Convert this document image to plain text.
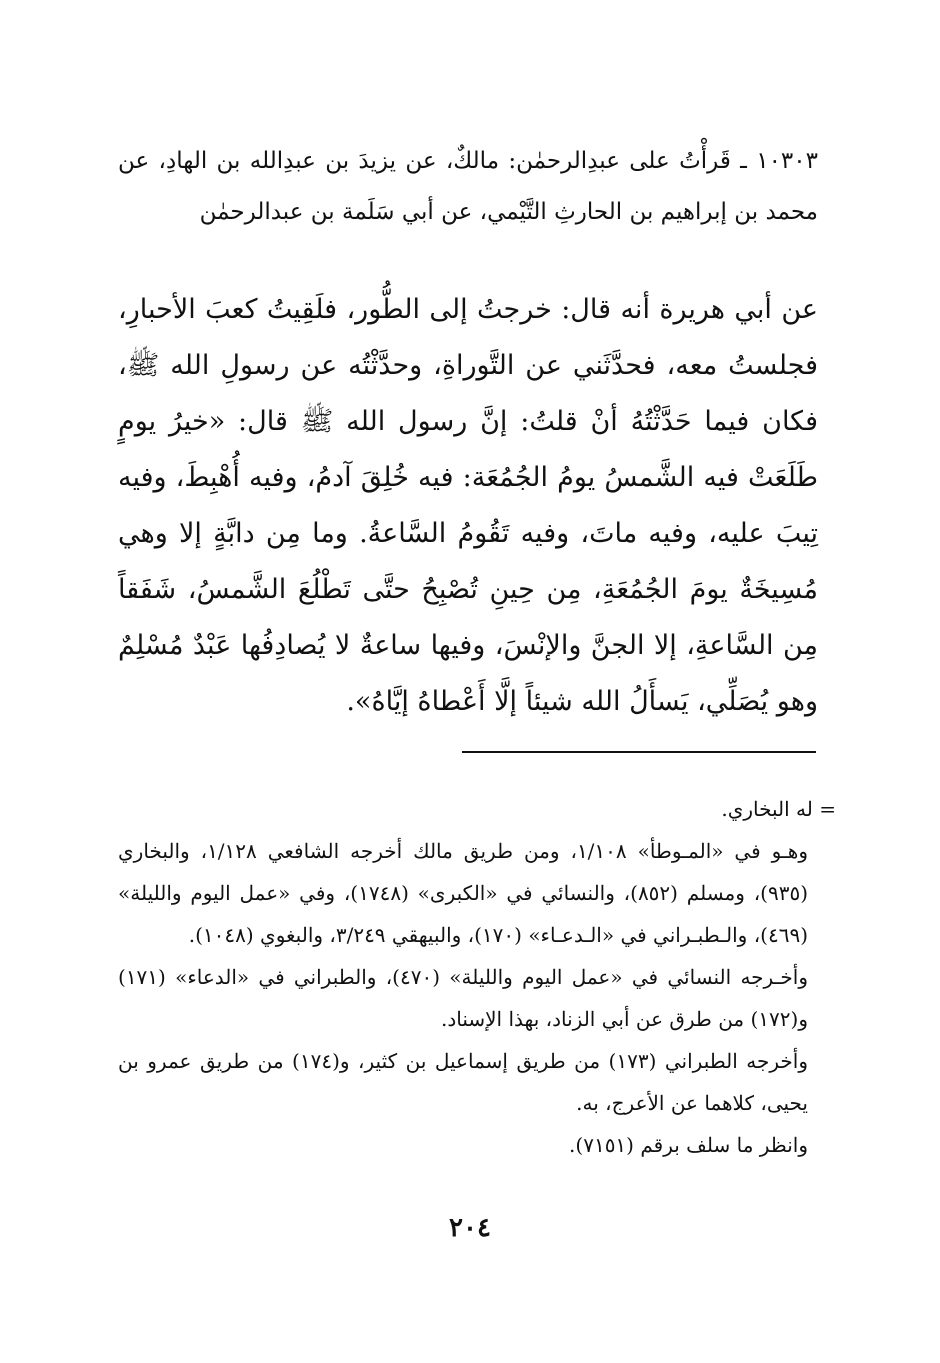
١٠٣٠٣ ـ قَرأْتُ على عبدِالرحمٰن: مالكٌ، عن يزيدَ بن عبدِالله بن الهادِ، عن محمد بن إبراهيم بن الحارثِ التَّيْمي، عن أبي سَلَمة بن عبدالرحمٰن
عن أبي هريرة أنه قال: خرجتُ إلى الطُّور، فلَقِيتُ كعبَ الأحبارِ، فجلستُ معه، فحدَّثَني عن التَّوراةِ، وحدَّثْتُه عن رسولِ الله ﷺ، فكان فيما حَدَّثْتُهُ أنْ قلتُ: إنَّ رسول الله ﷺ قال: «خيرُ يومٍ طَلَعَتْ فيه الشَّمسُ يومُ الجُمُعَة: فيه خُلِقَ آدمُ، وفيه أُهْبِطَ، وفيه تِيبَ عليه، وفيه ماتَ، وفيه تَقُومُ السَّاعةُ. وما مِن دابَّةٍ إلا وهي مُسِيخَةٌ يومَ الجُمُعَةِ، مِن حِينِ تُصْبِحُ حتَّى تَطْلُعَ الشَّمسُ، شَفَقاً مِن السَّاعةِ، إلا الجنَّ والإنْسَ، وفيها ساعةٌ لا يُصادِفُها عَبْدٌ مُسْلِمٌ وهو يُصَلِّي، يَسأَلُ الله شيئاً إلَّا أَعْطاهُ إيَّاهُ».

= له البخاري.

وهـو في «المـوطأ» ١/١٠٨، ومن طريق مالك أخرجه الشافعي ١/١٢٨، والبخاري (٩٣٥)، ومسلم (٨٥٢)، والنسائي في «الكبرى» (١٧٤٨)، وفي «عمل اليوم والليلة» (٤٦٩)، والـطبـراني في «الـدعـاء» (١٧٠)، والبيهقي ٣/٢٤٩، والبغوي (١٠٤٨).

وأخـرجه النسائي في «عمل اليوم والليلة» (٤٧٠)، والطبراني في «الدعاء» (١٧١) و(١٧٢) من طرق عن أبي الزناد، بهذا الإسناد.

وأخرجه الطبراني (١٧٣) من طريق إسماعيل بن كثير، و(١٧٤) من طريق عمرو بن يحيى، كلاهما عن الأعرج، به.

وانظر ما سلف برقم (٧١٥١).

٢٠٤
